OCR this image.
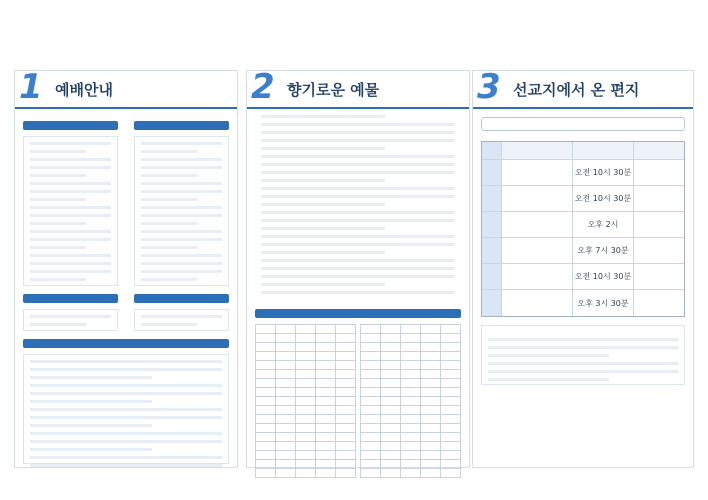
1 예배안내	2 향기로운 예물	3 선교지에서 온 편지
오전 10시 30분
오전 10시 30분
오후 2시
오후 7시 30분
오전 10시 30분
오후 3시 30분
